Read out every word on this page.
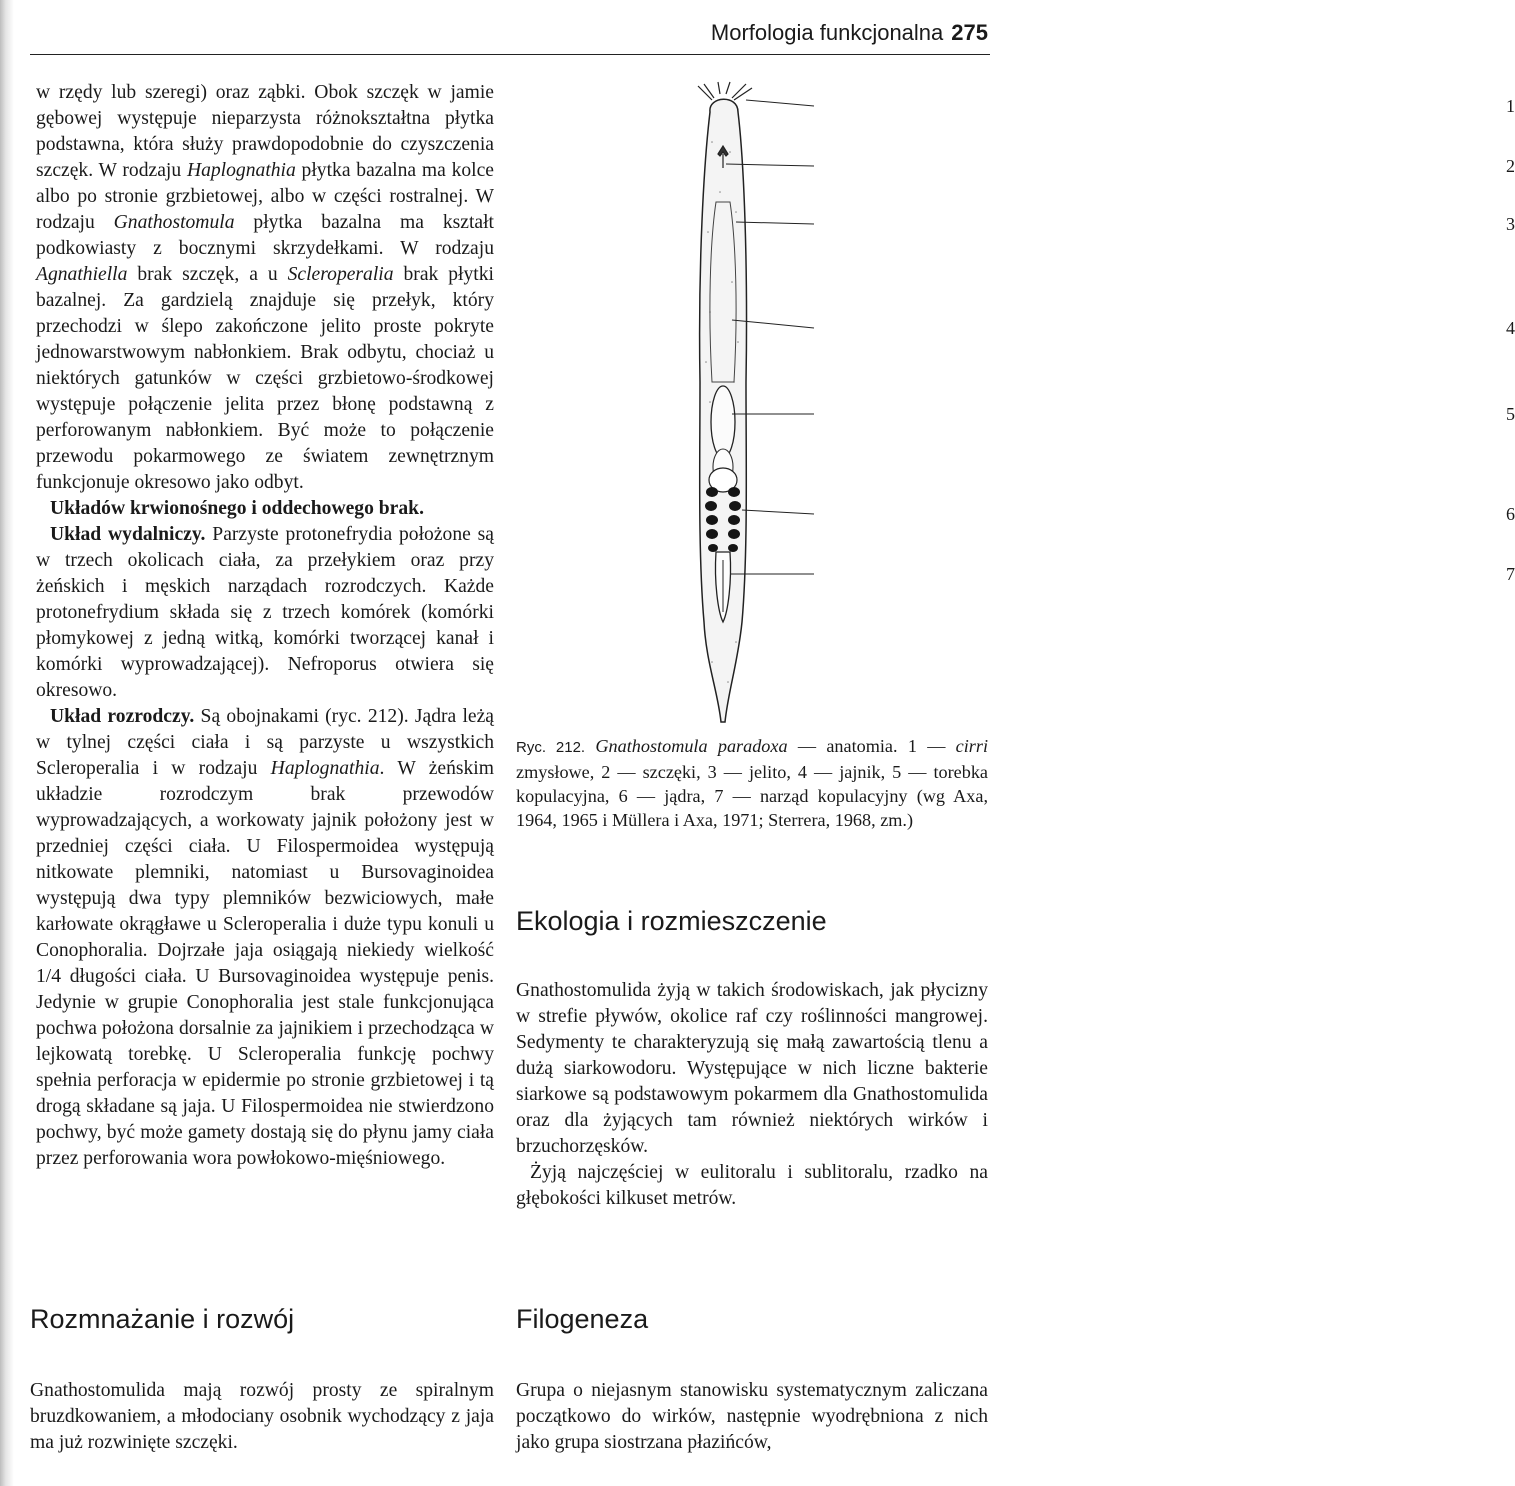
Morfologia funkcjonalna 275

w rzędy lub szeregi) oraz ząbki. Obok szczęk w jamie gębowej występuje nieparzysta różnokształtna płytka podstawna, która służy prawdopodobnie do czyszczenia szczęk. W rodzaju Haplognathia płytka bazalna ma kolce albo po stronie grzbietowej, albo w części rostralnej. W rodzaju Gnathostomula płytka bazalna ma kształt podkowiasty z bocznymi skrzydełkami. W rodzaju Agnathiella brak szczęk, a u Scleroperalia brak płytki bazalnej. Za gardzielą znajduje się przełyk, który przechodzi w ślepo zakończone jelito proste pokryte jednowarstwowym nabłonkiem. Brak odbytu, chociaż u niektórych gatunków w części grzbietowo-środkowej występuje połączenie jelita przez błonę podstawną z perforowanym nabłonkiem. Być może to połączenie przewodu pokarmowego ze światem zewnętrznym funkcjonuje okresowo jako odbyt.

Układów krwionośnego i oddechowego brak.

Układ wydalniczy. Parzyste protonefrydia położone są w trzech okolicach ciała, za przełykiem oraz przy żeńskich i męskich narządach rozrodczych. Każde protonefrydium składa się z trzech komórek (komórki płomykowej z jedną witką, komórki tworzącej kanał i komórki wyprowadzającej). Nefroporus otwiera się okresowo.

Układ rozrodczy. Są obojnakami (ryc. 212). Jądra leżą w tylnej części ciała i są parzyste u wszystkich Scleroperalia i w rodzaju Haplognathia. W żeńskim układzie rozrodczym brak przewodów wyprowadzających, a workowaty jajnik położony jest w przedniej części ciała. U Filospermoidea występują nitkowate plemniki, natomiast u Bursovaginoidea występują dwa typy plemników bezwiciowych, małe karłowate okrągławe u Scleroperalia i duże typu konuli u Conophoralia. Dojrzałe jaja osiągają niekiedy wielkość 1/4 długości ciała. U Bursovaginoidea występuje penis. Jedynie w grupie Conophoralia jest stale funkcjonująca pochwa położona dorsalnie za jajnikiem i przechodząca w lejkowatą torebkę. U Scleroperalia funkcję pochwy spełnia perforacja w epidermie po stronie grzbietowej i tą drogą składane są jaja. U Filospermoidea nie stwierdzono pochwy, być może gamety dostają się do płynu jamy ciała przez perforowania wora powłokowo-mięśniowego.

1
2
3
4
5
6
7
Ryc. 212. Gnathostomula paradoxa — anatomia. 1 — cirri zmysłowe, 2 — szczęki, 3 — jelito, 4 — jajnik, 5 — torebka kopulacyjna, 6 — jądra, 7 — narząd kopulacyjny (wg Axa, 1964, 1965 i Müllera i Axa, 1971; Sterrera, 1968, zm.)
Ekologia i rozmieszczenie

Gnathostomulida żyją w takich środowiskach, jak płycizny w strefie pływów, okolice raf czy roślinności mangrowej. Sedymenty te charakteryzują się małą zawartością tlenu a dużą siarkowodoru. Występujące w nich liczne bakterie siarkowe są podstawowym pokarmem dla Gnathostomulida oraz dla żyjących tam również niektórych wirków i brzuchorzęsków.

Żyją najczęściej w eulitoralu i sublitoralu, rzadko na głębokości kilkuset metrów.

Rozmnażanie i rozwój

Gnathostomulida mają rozwój prosty ze spiralnym bruzdkowaniem, a młodociany osobnik wychodzący z jaja ma już rozwinięte szczęki.

Filogeneza

Grupa o niejasnym stanowisku systematycznym zaliczana początkowo do wirków, następnie wyodrębniona z nich jako grupa siostrzana płazińców,
